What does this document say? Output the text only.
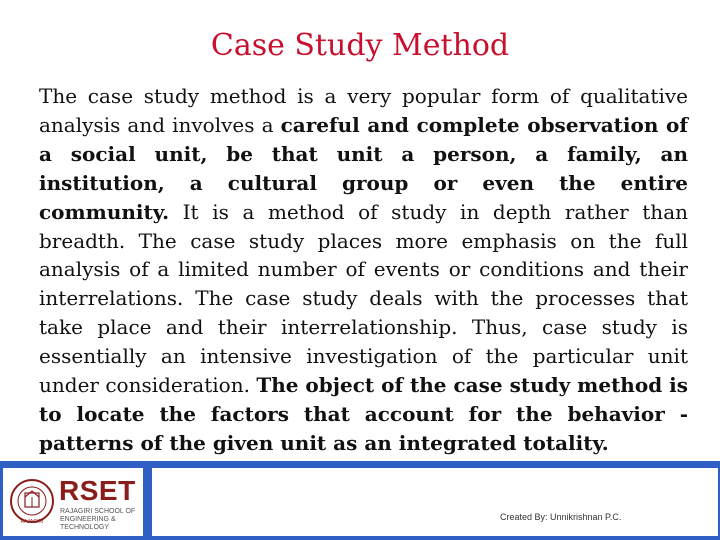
Case Study Method
The case study method is a very popular form of qualitative analysis and involves a careful and complete observation of a social unit, be that unit a person, a family, an institution, a cultural group or even the entire community. It is a method of study in depth rather than breadth. The case study places more emphasis on the full analysis of a limited number of events or conditions and their interrelations. The case study deals with the processes that take place and their interrelationship. Thus, case study is essentially an intensive investigation of the particular unit under consideration. The object of the case study method is to locate the factors that account for the behavior -patterns of the given unit as an integrated totality.
RAJAGIRI
RSET
RAJAGIRI SCHOOL OF ENGINEERING & TECHNOLOGY
Created By: Unnikrishnan P.C.
